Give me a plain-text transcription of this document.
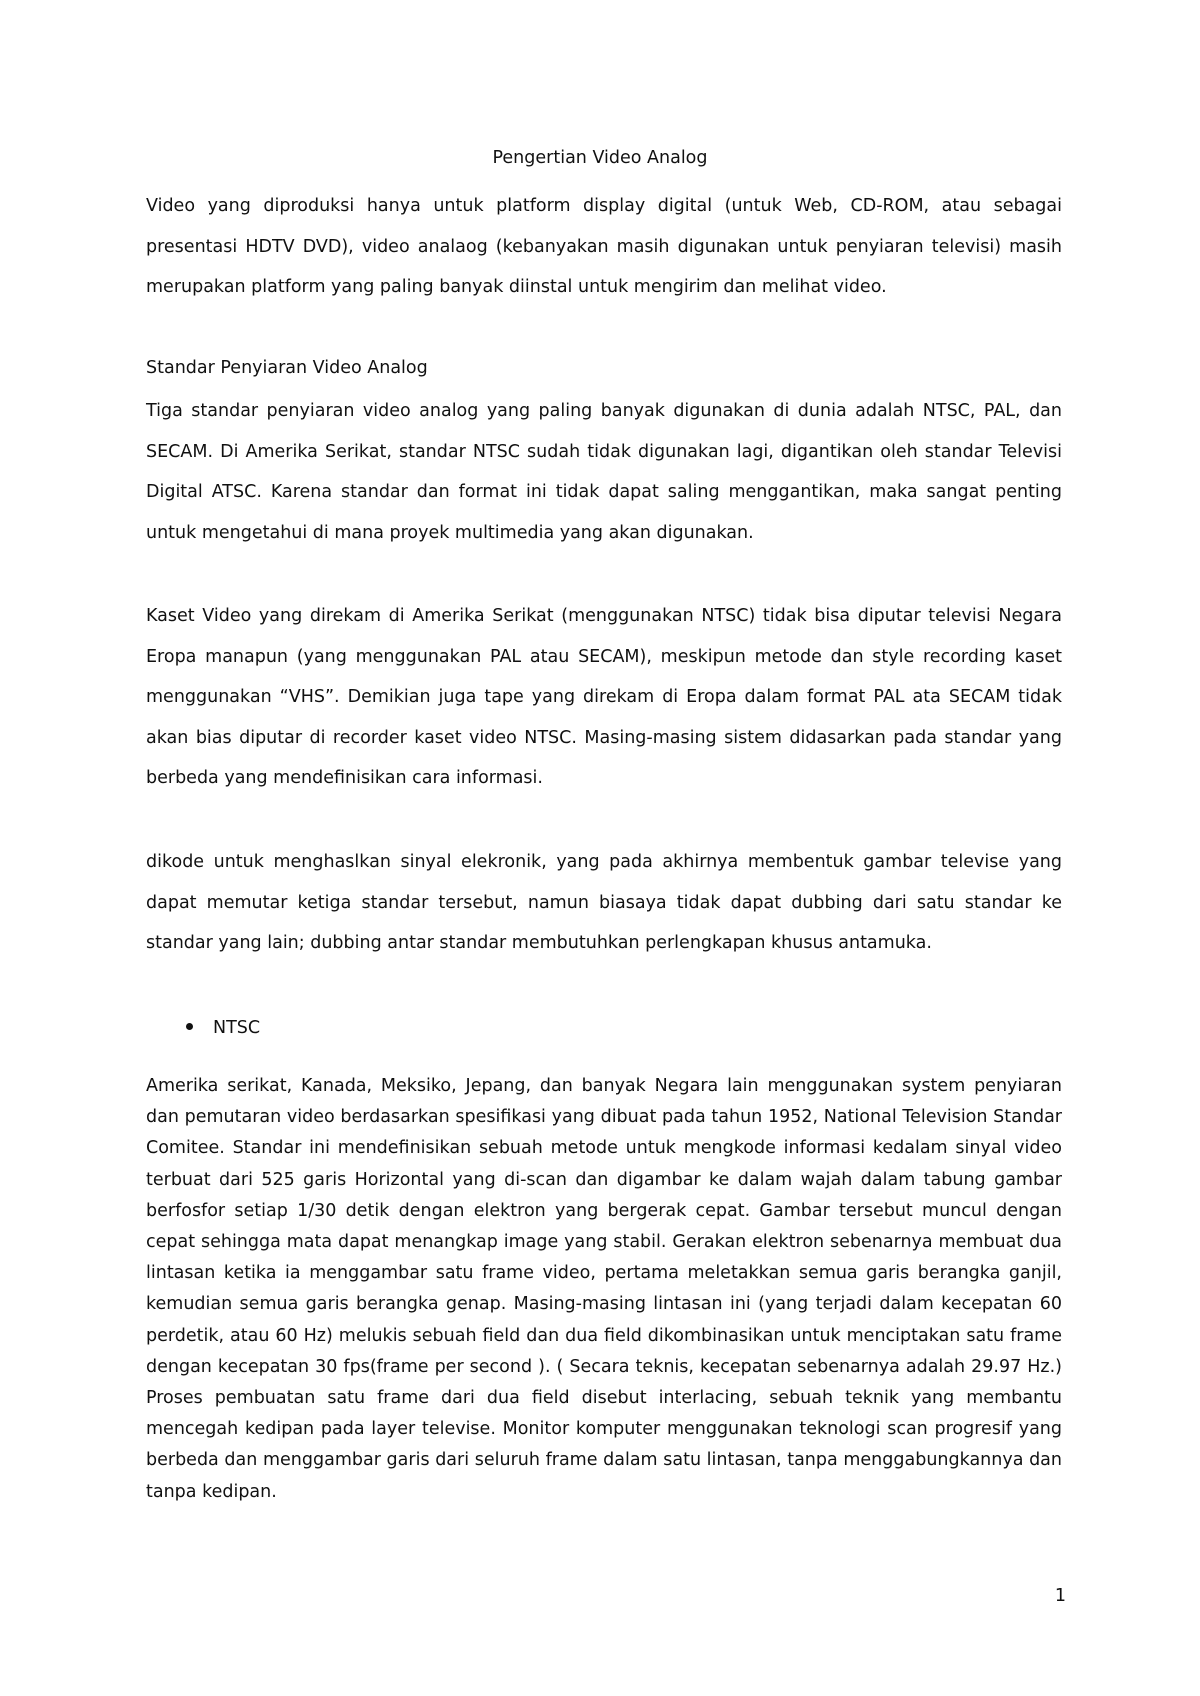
Pengertian Video Analog

Video yang diproduksi hanya untuk platform display digital (untuk Web, CD-ROM, atau sebagai presentasi HDTV DVD), video analaog (kebanyakan masih digunakan untuk penyiaran televisi) masih merupakan platform yang paling banyak diinstal untuk mengirim dan melihat video.

Standar Penyiaran Video Analog

Tiga standar penyiaran video analog yang paling banyak digunakan di dunia adalah NTSC, PAL, dan SECAM. Di Amerika Serikat, standar NTSC sudah tidak digunakan lagi, digantikan oleh standar Televisi Digital ATSC. Karena standar dan format ini tidak dapat saling menggantikan, maka sangat penting untuk mengetahui di mana proyek multimedia yang akan digunakan.

Kaset Video yang direkam di Amerika Serikat (menggunakan NTSC) tidak bisa diputar televisi Negara Eropa manapun (yang menggunakan PAL atau SECAM), meskipun metode dan style recording kaset menggunakan “VHS”. Demikian juga tape yang direkam di Eropa dalam format PAL ata SECAM tidak akan bias diputar di recorder kaset video NTSC. Masing-masing sistem didasarkan pada standar yang berbeda yang mendefinisikan cara informasi.

dikode untuk menghaslkan sinyal elekronik, yang pada akhirnya membentuk gambar televise yang dapat memutar ketiga standar tersebut, namun biasaya tidak dapat dubbing dari satu standar ke standar yang lain; dubbing antar standar membutuhkan perlengkapan khusus antamuka.

NTSC

Amerika serikat, Kanada, Meksiko, Jepang, dan banyak Negara lain menggunakan system penyiaran dan pemutaran video berdasarkan spesifikasi yang dibuat pada tahun 1952, National Television Standar Comitee. Standar ini mendefinisikan sebuah metode untuk mengkode informasi kedalam sinyal video terbuat dari 525 garis Horizontal yang di-scan dan digambar ke dalam wajah dalam tabung gambar berfosfor setiap 1/30 detik dengan elektron yang bergerak cepat. Gambar tersebut muncul dengan cepat sehingga mata dapat menangkap image yang stabil. Gerakan elektron sebenarnya membuat dua lintasan ketika ia menggambar satu frame video, pertama meletakkan semua garis berangka ganjil, kemudian semua garis berangka genap. Masing-masing lintasan ini (yang terjadi dalam kecepatan 60 perdetik, atau 60 Hz) melukis sebuah field dan dua field dikombinasikan untuk menciptakan satu frame dengan kecepatan 30 fps(frame per second ). ( Secara teknis, kecepatan sebenarnya adalah 29.97 Hz.) Proses pembuatan satu frame dari dua field disebut interlacing, sebuah teknik yang membantu mencegah kedipan pada layer televise. Monitor komputer menggunakan teknologi scan progresif yang berbeda dan menggambar garis dari seluruh frame dalam satu lintasan, tanpa menggabungkannya dan tanpa kedipan.

1
